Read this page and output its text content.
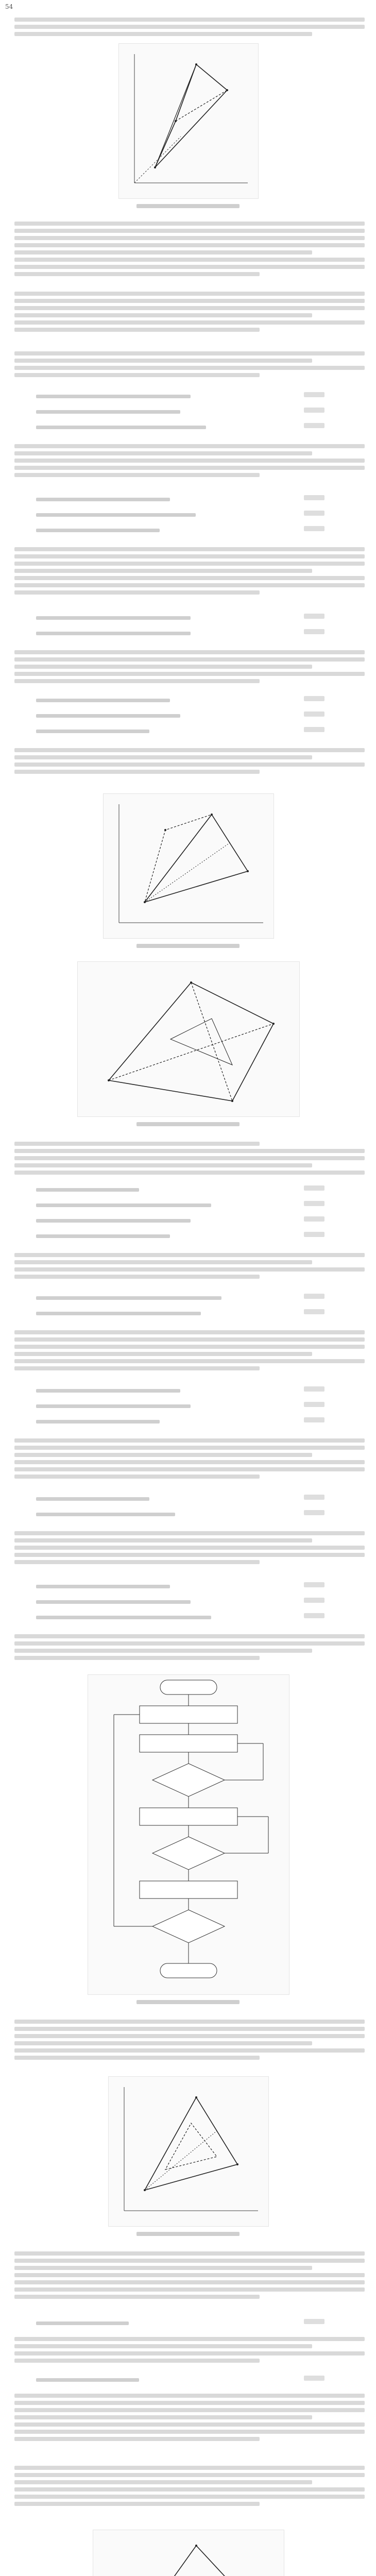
54
